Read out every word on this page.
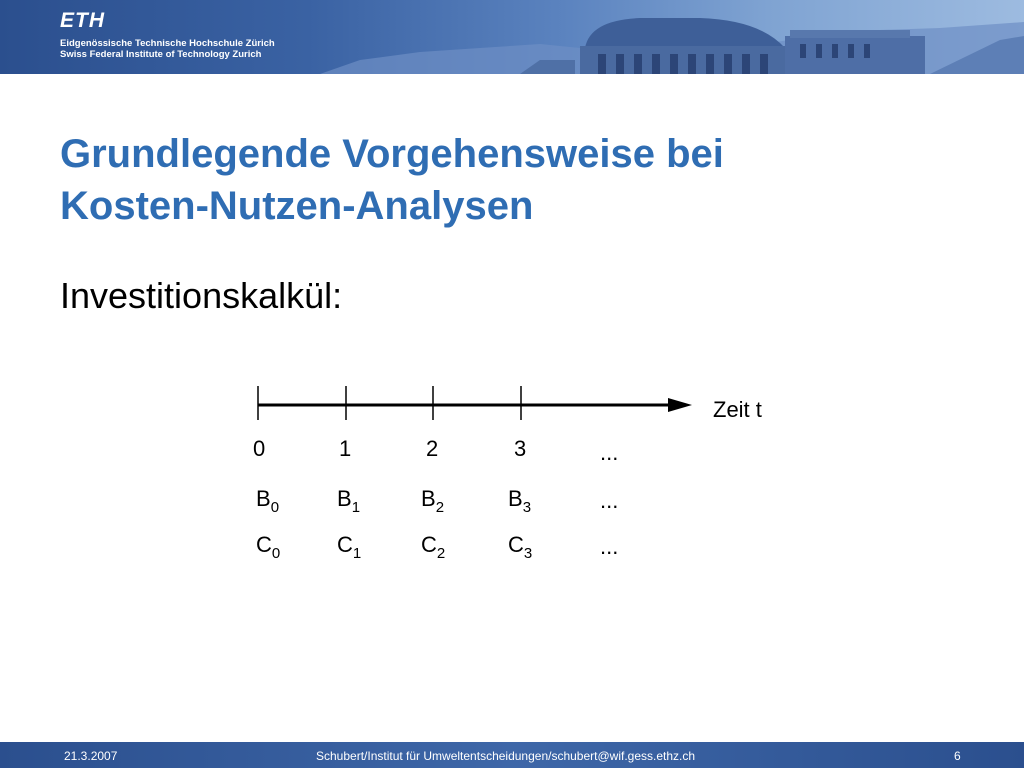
ETH
Eidgenössische Technische Hochschule Zürich
Swiss Federal Institute of Technology Zurich
Grundlegende Vorgehensweise bei
Kosten-Nutzen-Analysen
Investitionskalkül:
Zeit t
0	1	2	3	...
$B_0$	$B_1$	$B_2$	$B_3$	...
$C_0$	$C_1$	$C_2$	$C_3$	...
21.3.2007	Schubert/Institut für Umweltentscheidungen/schubert@wif.gess.ethz.ch	6
